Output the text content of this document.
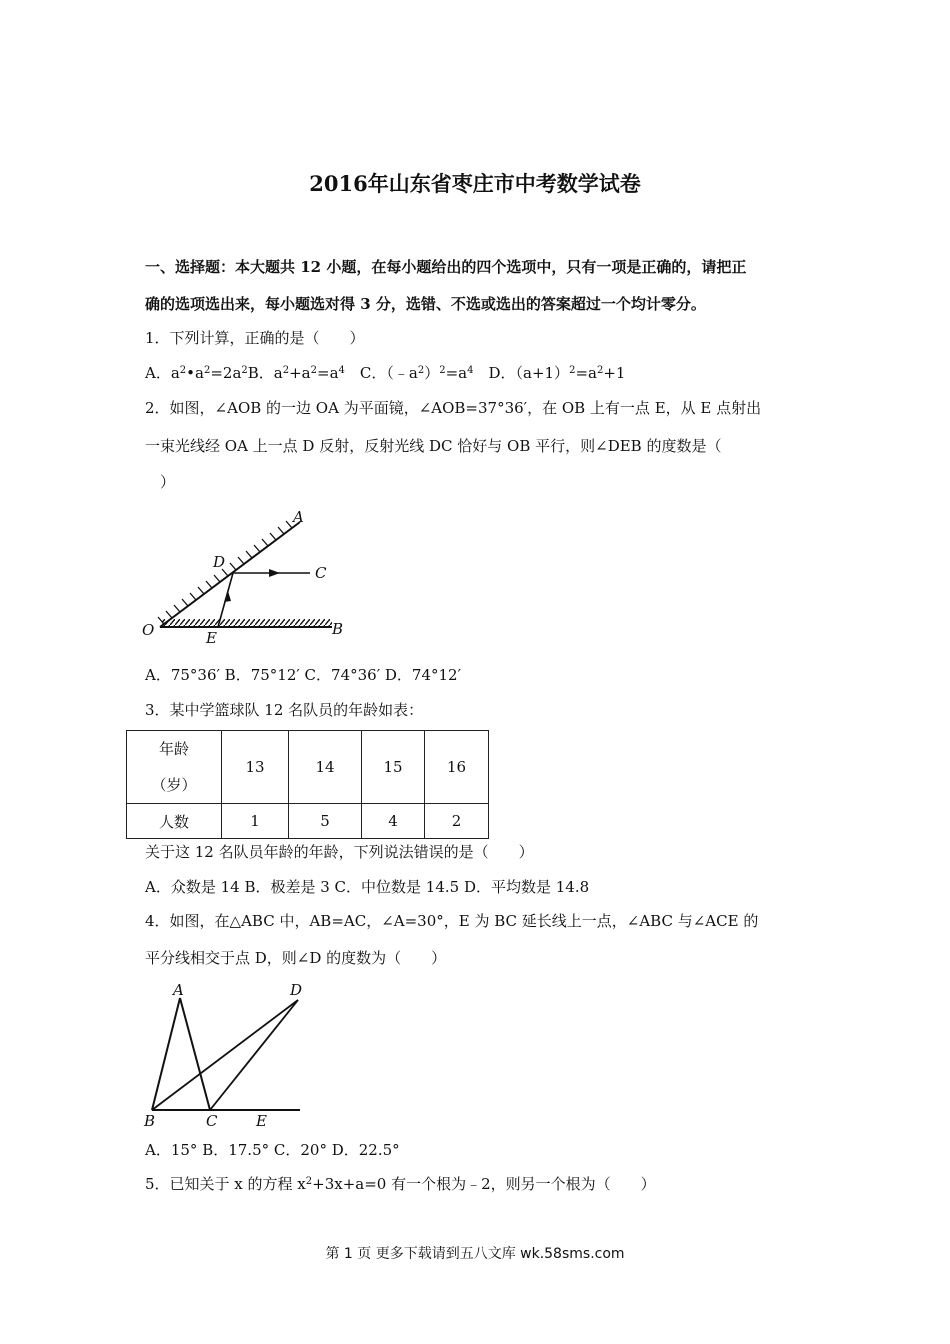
2016年山东省枣庄市中考数学试卷
一、选择题：本大题共 12 小题，在每小题给出的四个选项中，只有一项是正确的，请把正
确的选项选出来，每小题选对得 3 分，选错、不选或选出的答案超过一个均计零分。
1．下列计算，正确的是（　　）
A．$a^2•a^2=2a^2B$．$a^2+a^2=a^4$  C．$(﹣a^2)^2=a^4$  D．$(a+1)^2=a^2+1$
2．如图，∠AOB 的一边 OA 为平面镜，∠AOB=37°36′，在 OB 上有一点 E，从 E 点射出
一束光线经 OA 上一点 D 反射，反射光线 DC 恰好与 OB 平行，则∠DEB 的度数是（
）
A
D
C
O	E	B
A．75°36′ B．75°12′ C．74°36′ D．74°12′
3．某中学篮球队 12 名队员的年龄如表：
年龄
（岁）	13	14	15	16
人数	1	5	4	2
关于这 12 名队员年龄的年龄，下列说法错误的是（　　）
A．众数是 14 B．极差是 3 C．中位数是 14.5 D．平均数是 14.8
4．如图，在△ABC 中，AB=AC，∠A=30°，E 为 BC 延长线上一点，∠ABC 与∠ACE 的
平分线相交于点 D，则∠D 的度数为（　　）
A	D
B	C	E
A．15° B．17.5° C．20° D．22.5°
5．已知关于 x 的方程 $x^2+3x+a=0$ 有一个根为﹣2，则另一个根为（　　）
第 1 页 更多下载请到五八文库 wk.58sms.com
